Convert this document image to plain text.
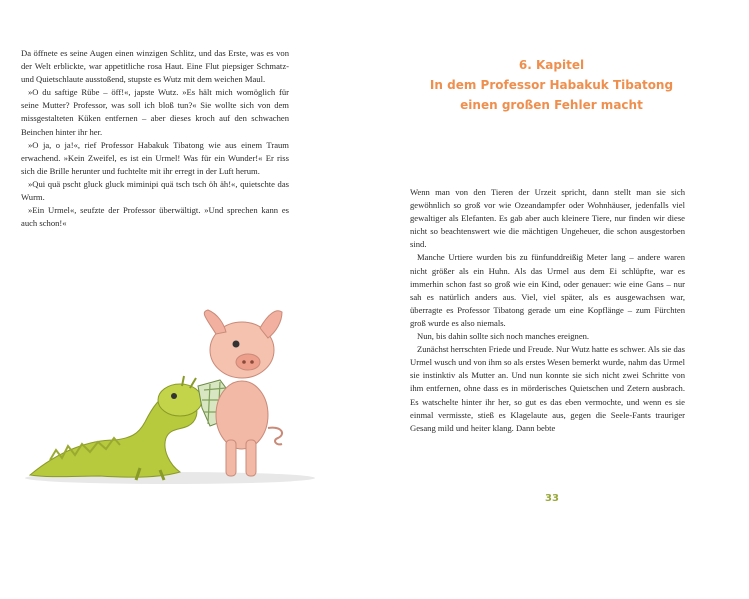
Da öffnete es seine Augen einen winzigen Schlitz, und das Erste, was es von der Welt erblickte, war appetitliche rosa Haut. Eine Flut piepsiger Schmatz- und Quietschlaute ausstoßend, stupste es Wutz mit dem weichen Maul.

»O du saftige Rübe – öff!«, japste Wutz. »Es hält mich womöglich für seine Mutter? Professor, was soll ich bloß tun?« Sie wollte sich von dem missgestalteten Küken entfernen – aber dieses kroch auf den schwachen Beinchen hinter ihr her.

»O ja, o ja!«, rief Professor Habakuk Tibatong wie aus einem Traum erwachend. »Kein Zweifel, es ist ein Urmel! Was für ein Wunder!« Er riss sich die Brille herunter und fuchtelte mit ihr erregt in der Luft herum.

»Qui quä pscht gluck gluck miminipi quä tsch tsch öh äh!«, quietschte das Wurm.

»Ein Urmel«, seufzte der Professor überwältigt. »Und sprechen kann es auch schon!«

6. Kapitel
In dem Professor Habakuk Tibatong
einen großen Fehler macht

Wenn man von den Tieren der Urzeit spricht, dann stellt man sie sich gewöhnlich so groß vor wie Ozeandampfer oder Wohnhäuser, jedenfalls viel gewaltiger als Elefanten. Es gab aber auch kleinere Tiere, nur finden wir diese nicht so beachtenswert wie die mächtigen Ungeheuer, die schon ausgestorben sind.

Manche Urtiere wurden bis zu fünfunddreißig Meter lang – andere waren nicht größer als ein Huhn. Als das Urmel aus dem Ei schlüpfte, war es immerhin schon fast so groß wie ein Kind, oder genauer: wie eine Gans – nur sah es natürlich anders aus. Viel, viel später, als es ausgewachsen war, überragte es Professor Tibatong gerade um eine Kopflänge – zum Fürchten groß wurde es also niemals.

Nun, bis dahin sollte sich noch manches ereignen.

Zunächst herrschten Friede und Freude. Nur Wutz hatte es schwer. Als sie das Urmel wusch und von ihm so als erstes Wesen bemerkt wurde, nahm das Urmel sie instinktiv als Mutter an. Und nun konnte sie sich nicht zwei Schritte von ihm entfernen, ohne dass es in mörderisches Quietschen und Zetern ausbrach. Es watschelte hinter ihr her, so gut es das eben vermochte, und wenn es sie einmal vermisste, stieß es Klagelaute aus, gegen die Seele-Fants trauriger Gesang mild und heiter klang. Dann bebte

33
